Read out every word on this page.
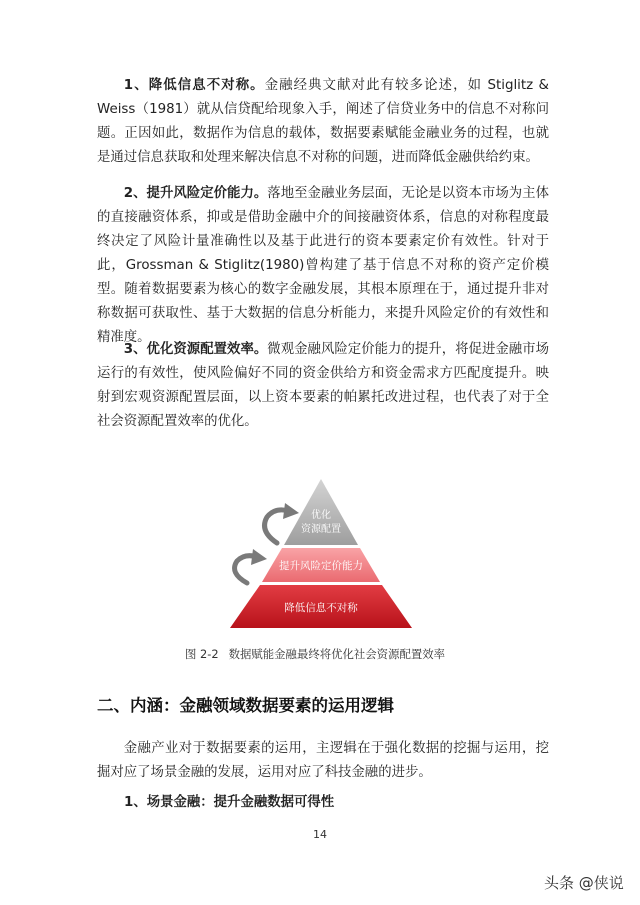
1、降低信息不对称。金融经典文献对此有较多论述，如 Stiglitz & Weiss（1981）就从信贷配给现象入手，阐述了信贷业务中的信息不对称问题。正因如此，数据作为信息的载体，数据要素赋能金融业务的过程，也就是通过信息获取和处理来解决信息不对称的问题，进而降低金融供给约束。

2、提升风险定价能力。落地至金融业务层面，无论是以资本市场为主体的直接融资体系，抑或是借助金融中介的间接融资体系，信息的对称程度最终决定了风险计量准确性以及基于此进行的资本要素定价有效性。针对于此，Grossman & Stiglitz(1980)曾构建了基于信息不对称的资产定价模型。随着数据要素为核心的数字金融发展，其根本原理在于，通过提升非对称数据可获取性、基于大数据的信息分析能力，来提升风险定价的有效性和精准度。

3、优化资源配置效率。微观金融风险定价能力的提升，将促进金融市场运行的有效性，使风险偏好不同的资金供给方和资金需求方匹配度提升。映射到宏观资源配置层面，以上资本要素的帕累托改进过程，也代表了对于全社会资源配置效率的优化。

优化
资源配置
提升风险定价能力
降低信息不对称
图 2-2 数据赋能金融最终将优化社会资源配置效率
二、内涵：金融领域数据要素的运用逻辑

金融产业对于数据要素的运用，主逻辑在于强化数据的挖掘与运用，挖掘对应了场景金融的发展，运用对应了科技金融的进步。

1、场景金融：提升金融数据可得性

14

头条 @侠说
